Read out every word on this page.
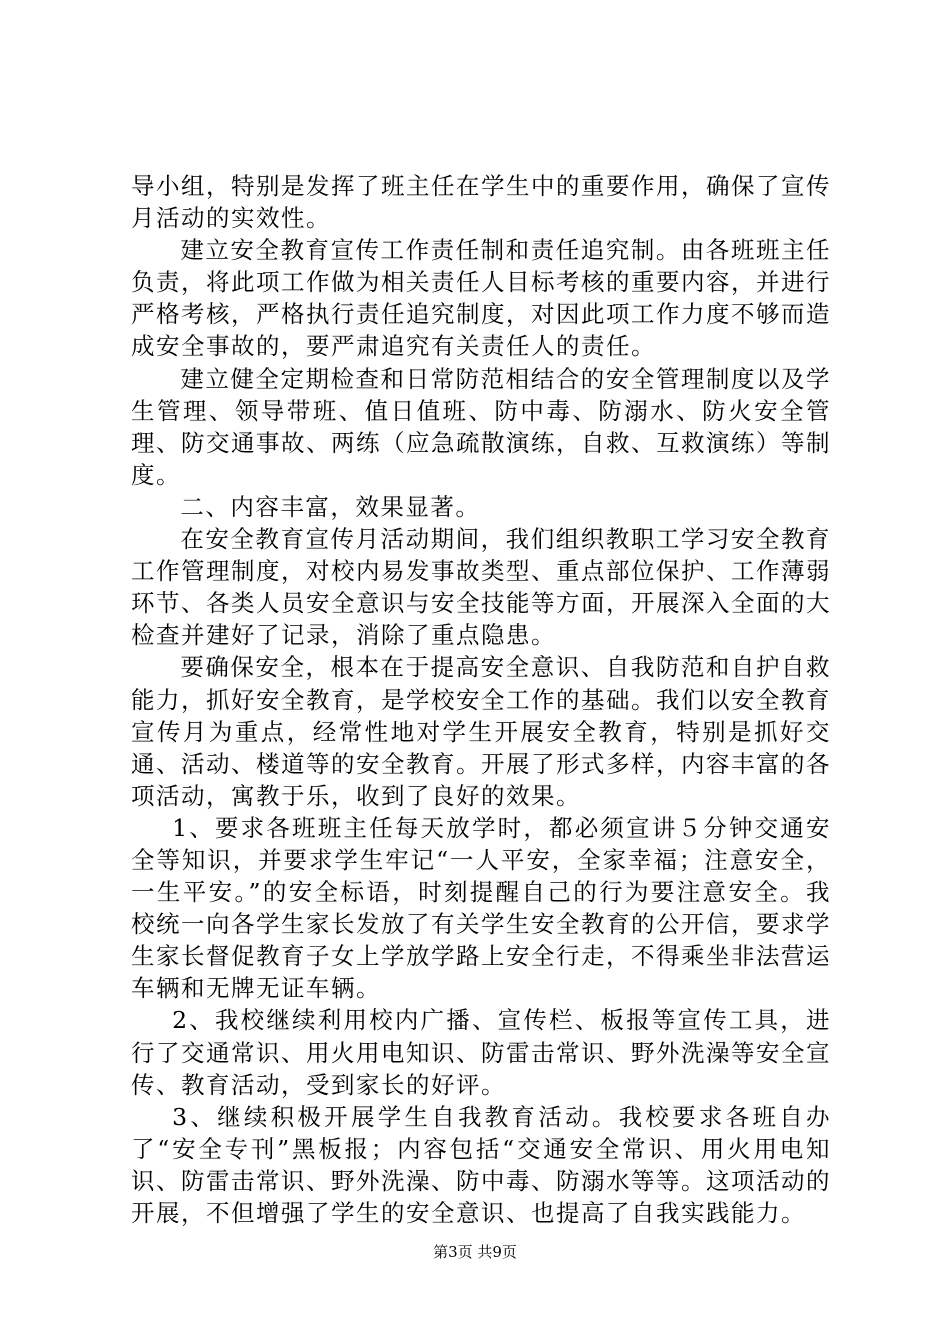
导小组，特别是发挥了班主任在学生中的重要作用，确保了宣传月活动的实效性。

建立安全教育宣传工作责任制和责任追究制。由各班班主任负责，将此项工作做为相关责任人目标考核的重要内容，并进行严格考核，严格执行责任追究制度，对因此项工作力度不够而造成安全事故的，要严肃追究有关责任人的责任。

建立健全定期检查和日常防范相结合的安全管理制度以及学生管理、领导带班、值日值班、防中毒、防溺水、防火安全管理、防交通事故、两练（应急疏散演练，自救、互救演练）等制度。

二、内容丰富，效果显著。

在安全教育宣传月活动期间，我们组织教职工学习安全教育工作管理制度，对校内易发事故类型、重点部位保护、工作薄弱环节、各类人员安全意识与安全技能等方面，开展深入全面的大检查并建好了记录，消除了重点隐患。

要确保安全，根本在于提高安全意识、自我防范和自护自救能力，抓好安全教育，是学校安全工作的基础。我们以安全教育宣传月为重点，经常性地对学生开展安全教育，特别是抓好交通、活动、楼道等的安全教育。开展了形式多样，内容丰富的各项活动，寓教于乐，收到了良好的效果。

1、要求各班班主任每天放学时，都必须宣讲５分钟交通安全等知识，并要求学生牢记“一人平安，全家幸福；注意安全，一生平安。”的安全标语，时刻提醒自己的行为要注意安全。我校统一向各学生家长发放了有关学生安全教育的公开信，要求学生家长督促教育子女上学放学路上安全行走，不得乘坐非法营运车辆和无牌无证车辆。

2、我校继续利用校内广播、宣传栏、板报等宣传工具，进行了交通常识、用火用电知识、防雷击常识、野外洗澡等安全宣传、教育活动，受到家长的好评。

3、继续积极开展学生自我教育活动。我校要求各班自办了“安全专刊”黑板报；内容包括“交通安全常识、用火用电知识、防雷击常识、野外洗澡、防中毒、防溺水等等。这项活动的开展，不但增强了学生的安全意识、也提高了自我实践能力。

第3页 共9页
